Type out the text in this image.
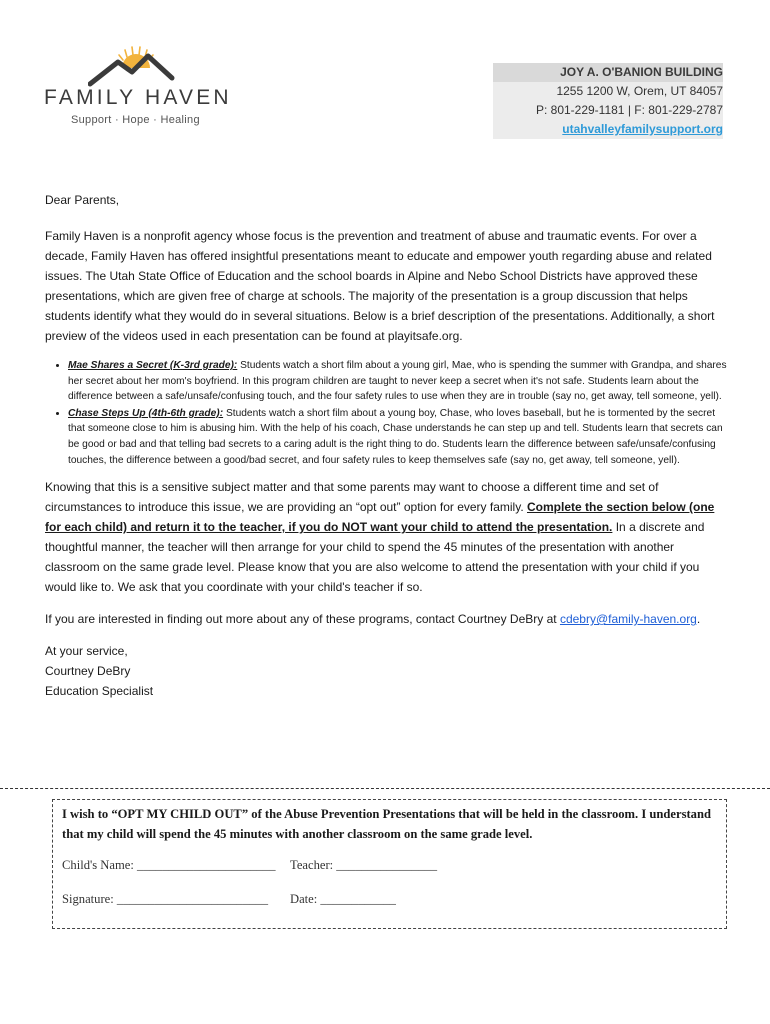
FAMILY HAVEN
Support · Hope · Healing
JOY A. O'BANION BUILDING
1255 1200 W, Orem, UT 84057
P: 801-229-1181 | F: 801-229-2787
utahvalleyfamilysupport.org

Dear Parents,

Family Haven is a nonprofit agency whose focus is the prevention and treatment of abuse and traumatic events. For over a decade, Family Haven has offered insightful presentations meant to educate and empower youth regarding abuse and related issues. The Utah State Office of Education and the school boards in Alpine and Nebo School Districts have approved these presentations, which are given free of charge at schools. The majority of the presentation is a group discussion that helps students identify what they would do in several situations. Below is a brief description of the presentations. Additionally, a short preview of the videos used in each presentation can be found at playitsafe.org.

• Mae Shares a Secret (K-3rd grade): Students watch a short film about a young girl, Mae, who is spending the summer with Grandpa, and shares her secret about her mom's boyfriend. In this program children are taught to never keep a secret when it's not safe. Students learn about the difference between a safe/unsafe/confusing touch, and the four safety rules to use when they are in trouble (say no, get away, tell someone, yell).
• Chase Steps Up (4th-6th grade): Students watch a short film about a young boy, Chase, who loves baseball, but he is tormented by the secret that someone close to him is abusing him. With the help of his coach, Chase understands he can step up and tell. Students learn that secrets can be good or bad and that telling bad secrets to a caring adult is the right thing to do. Students learn the difference between safe/unsafe/confusing touches, the difference between a good/bad secret, and four safety rules to keep themselves safe (say no, get away, tell someone, yell).

Knowing that this is a sensitive subject matter and that some parents may want to choose a different time and set of circumstances to introduce this issue, we are providing an “opt out” option for every family. Complete the section below (one for each child) and return it to the teacher, if you do NOT want your child to attend the presentation. In a discrete and thoughtful manner, the teacher will then arrange for your child to spend the 45 minutes of the presentation with another classroom on the same grade level. Please know that you are also welcome to attend the presentation with your child if you would like to. We ask that you coordinate with your child's teacher if so.

If you are interested in finding out more about any of these programs, contact Courtney DeBry at cdebry@family-haven.org.

At your service,
Courtney DeBry
Education Specialist
I wish to “OPT MY CHILD OUT” of the Abuse Prevention Presentations that will be held in the classroom. I understand that my child will spend the 45 minutes with another classroom on the same grade level.
Child's Name: ______________________ Teacher: ________________
Signature: ________________________ Date: ____________
